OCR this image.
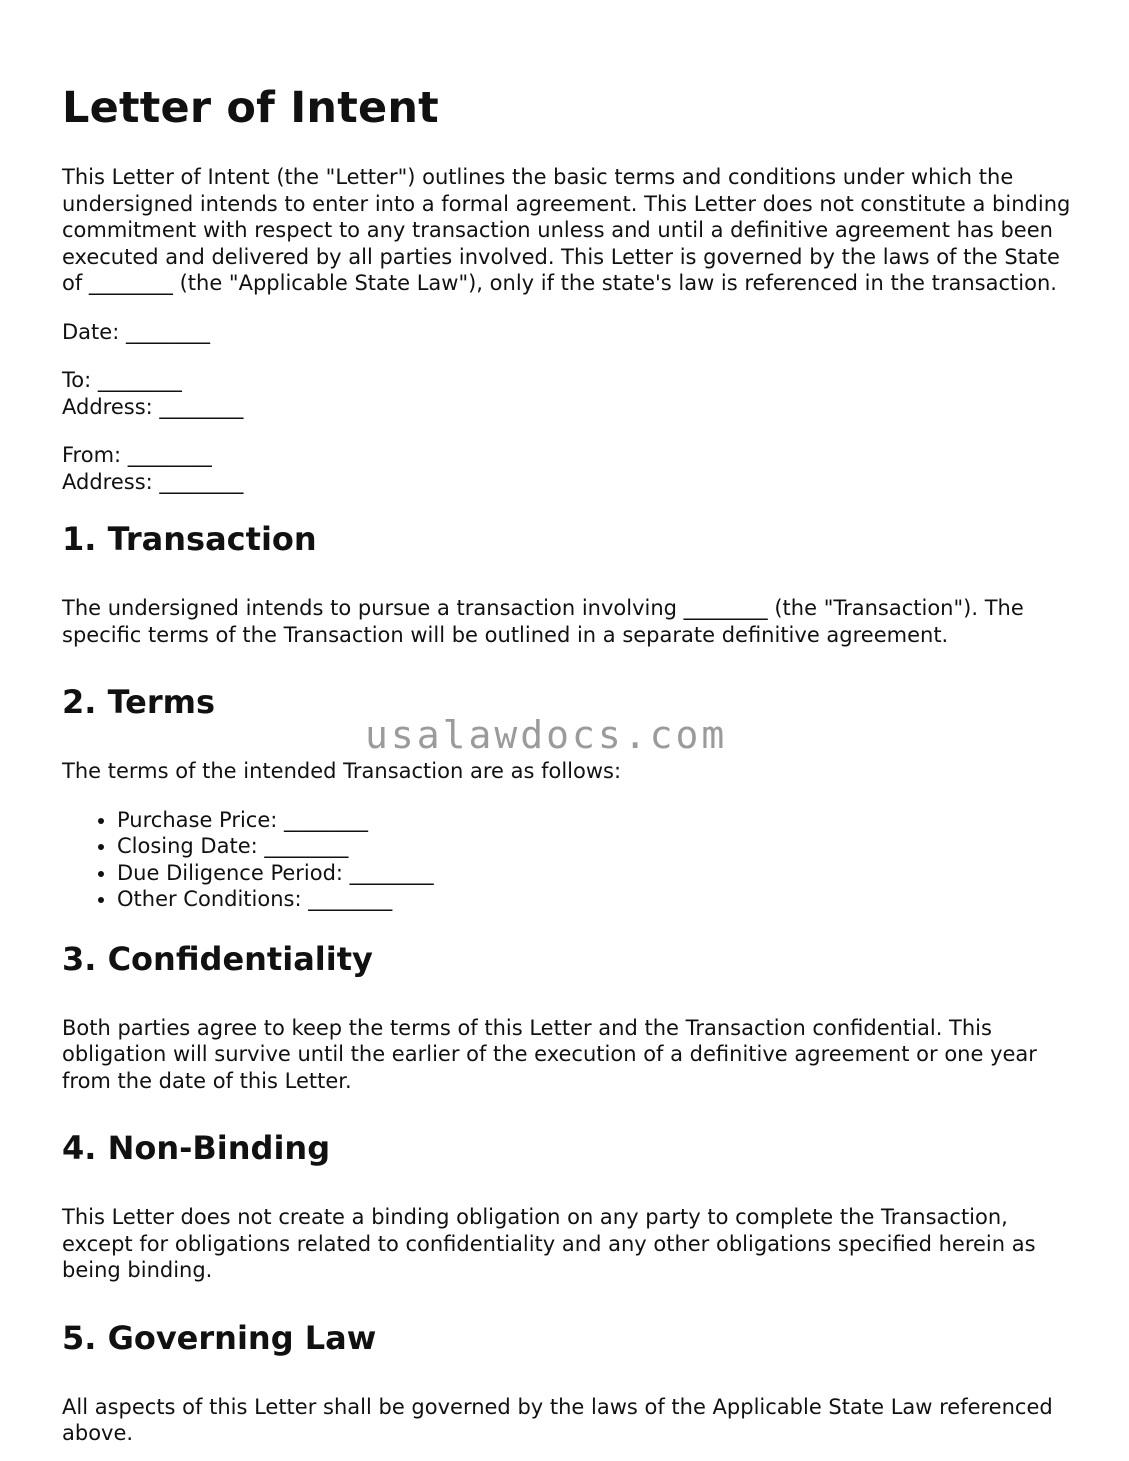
Letter of Intent

This Letter of Intent (the "Letter") outlines the basic terms and conditions under which the undersigned intends to enter into a formal agreement. This Letter does not constitute a binding commitment with respect to any transaction unless and until a definitive agreement has been executed and delivered by all parties involved. This Letter is governed by the laws of the State of ________ (the "Applicable State Law"), only if the state's law is referenced in the transaction.

Date: ________

To: ________

Address: ________

From: ________

Address: ________

1. Transaction

The undersigned intends to pursue a transaction involving ________ (the "Transaction"). The specific terms of the Transaction will be outlined in a separate definitive agreement.

2. Terms

The terms of the intended Transaction are as follows:

• Purchase Price: ________
• Closing Date: ________
• Due Diligence Period: ________
• Other Conditions: ________
3. Confidentiality

Both parties agree to keep the terms of this Letter and the Transaction confidential. This obligation will survive until the earlier of the execution of a definitive agreement or one year from the date of this Letter.

4. Non-Binding

This Letter does not create a binding obligation on any party to complete the Transaction, except for obligations related to confidentiality and any other obligations specified herein as being binding.

5. Governing Law

All aspects of this Letter shall be governed by the laws of the Applicable State Law referenced above.

usalawdocs.com
